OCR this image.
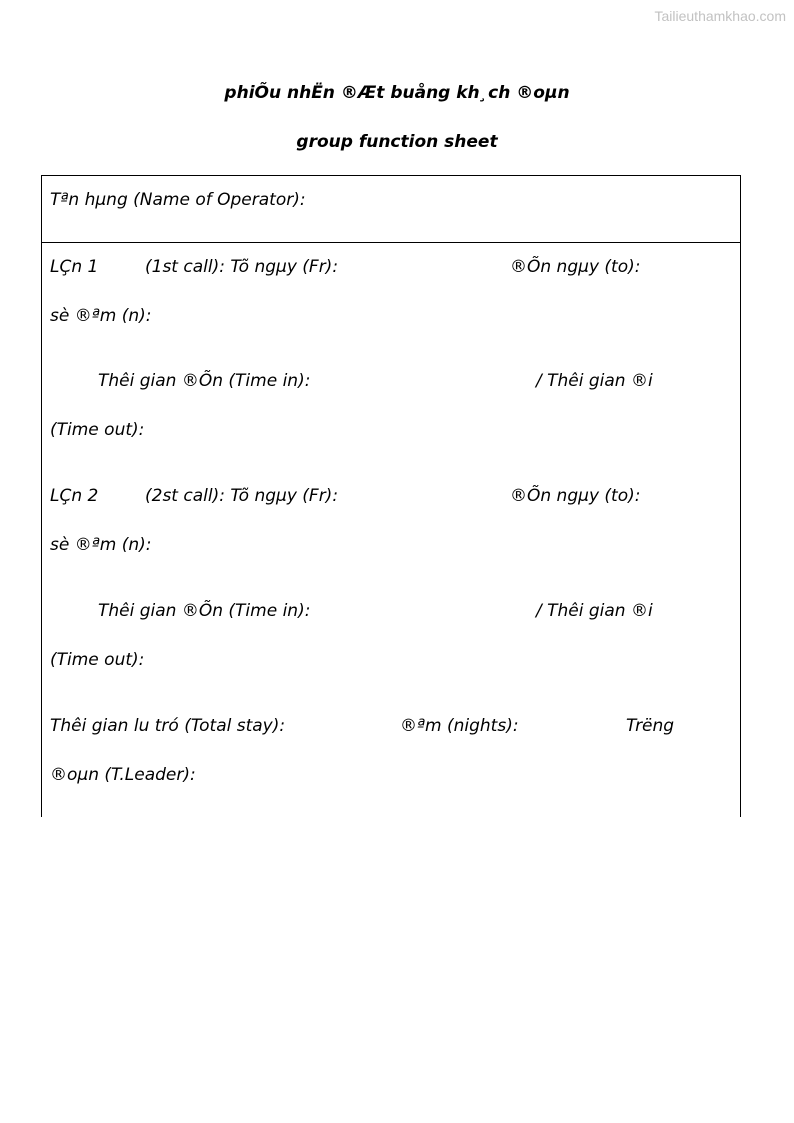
Tailieuthamkhao.com
phiÕu nhËn ®Æt buång kh¸ch ®oµn
group function sheet
Tªn hµng (Name of Operator):
LÇn 1	(1st call): Tõ ngµy (Fr):	®Õn ngµy (to):
sè ®ªm (n):
Thêi gian ®Õn (Time in):	/ Thêi gian ®i
(Time out):
LÇn 2	(2st call): Tõ ngµy (Fr):	®Õn ngµy (to):
sè ®ªm (n):
Thêi gian ®Õn (Time in):	/ Thêi gian ®i
(Time out):
Thêi gian lu tró (Total stay):	®ªm (nights):	Trëng
®oµn (T.Leader):
